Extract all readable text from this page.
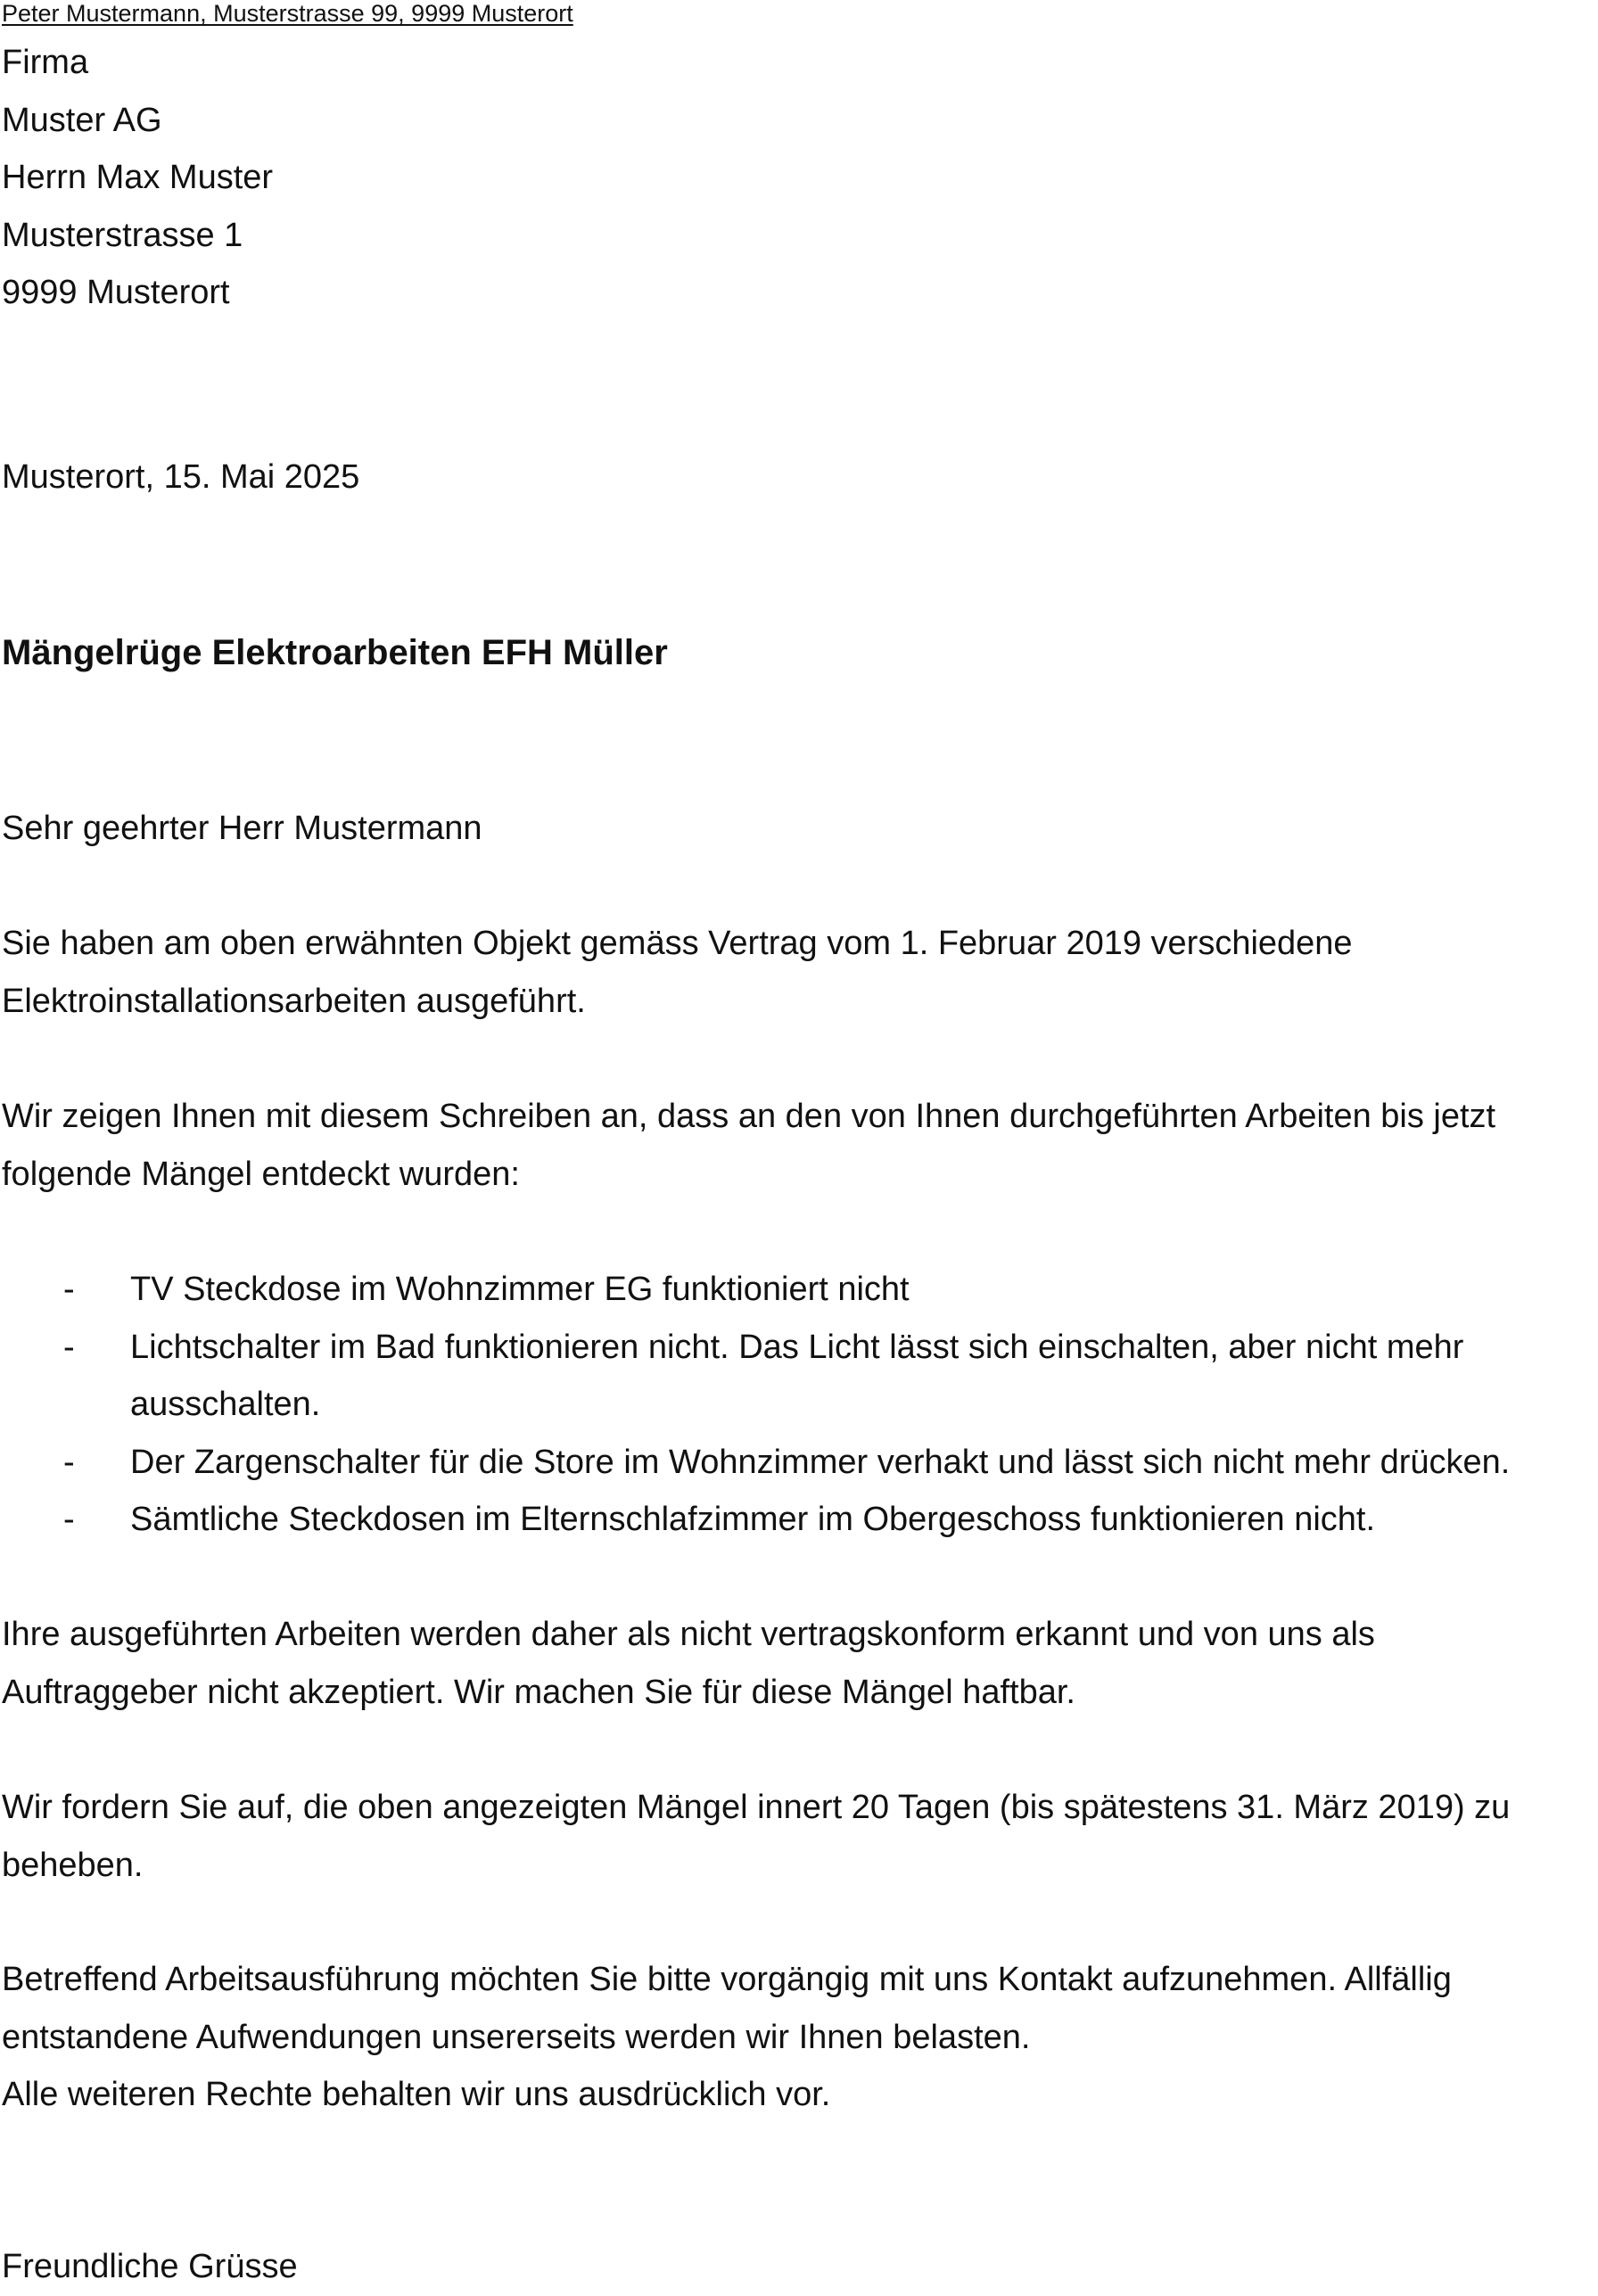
Peter Mustermann, Musterstrasse 99, 9999 Musterort
Firma
Muster AG
Herrn Max Muster
Musterstrasse 1
9999 Musterort
Musterort, 15. Mai 2025
Mängelrüge Elektroarbeiten EFH Müller
Sehr geehrter Herr Mustermann
Sie haben am oben erwähnten Objekt gemäss Vertrag vom 1. Februar 2019 verschiedene
Elektroinstallationsarbeiten ausgeführt.
Wir zeigen Ihnen mit diesem Schreiben an, dass an den von Ihnen durchgeführten Arbeiten bis jetzt
folgende Mängel entdeckt wurden:
- TV Steckdose im Wohnzimmer EG funktioniert nicht
- Lichtschalter im Bad funktionieren nicht. Das Licht lässt sich einschalten, aber nicht mehr
ausschalten.
- Der Zargenschalter für die Store im Wohnzimmer verhakt und lässt sich nicht mehr drücken.
- Sämtliche Steckdosen im Elternschlafzimmer im Obergeschoss funktionieren nicht.
Ihre ausgeführten Arbeiten werden daher als nicht vertragskonform erkannt und von uns als
Auftraggeber nicht akzeptiert. Wir machen Sie für diese Mängel haftbar.
Wir fordern Sie auf, die oben angezeigten Mängel innert 20 Tagen (bis spätestens 31. März 2019) zu
beheben.
Betreffend Arbeitsausführung möchten Sie bitte vorgängig mit uns Kontakt aufzunehmen. Allfällig
entstandene Aufwendungen unsererseits werden wir Ihnen belasten.
Alle weiteren Rechte behalten wir uns ausdrücklich vor.
Freundliche Grüsse
